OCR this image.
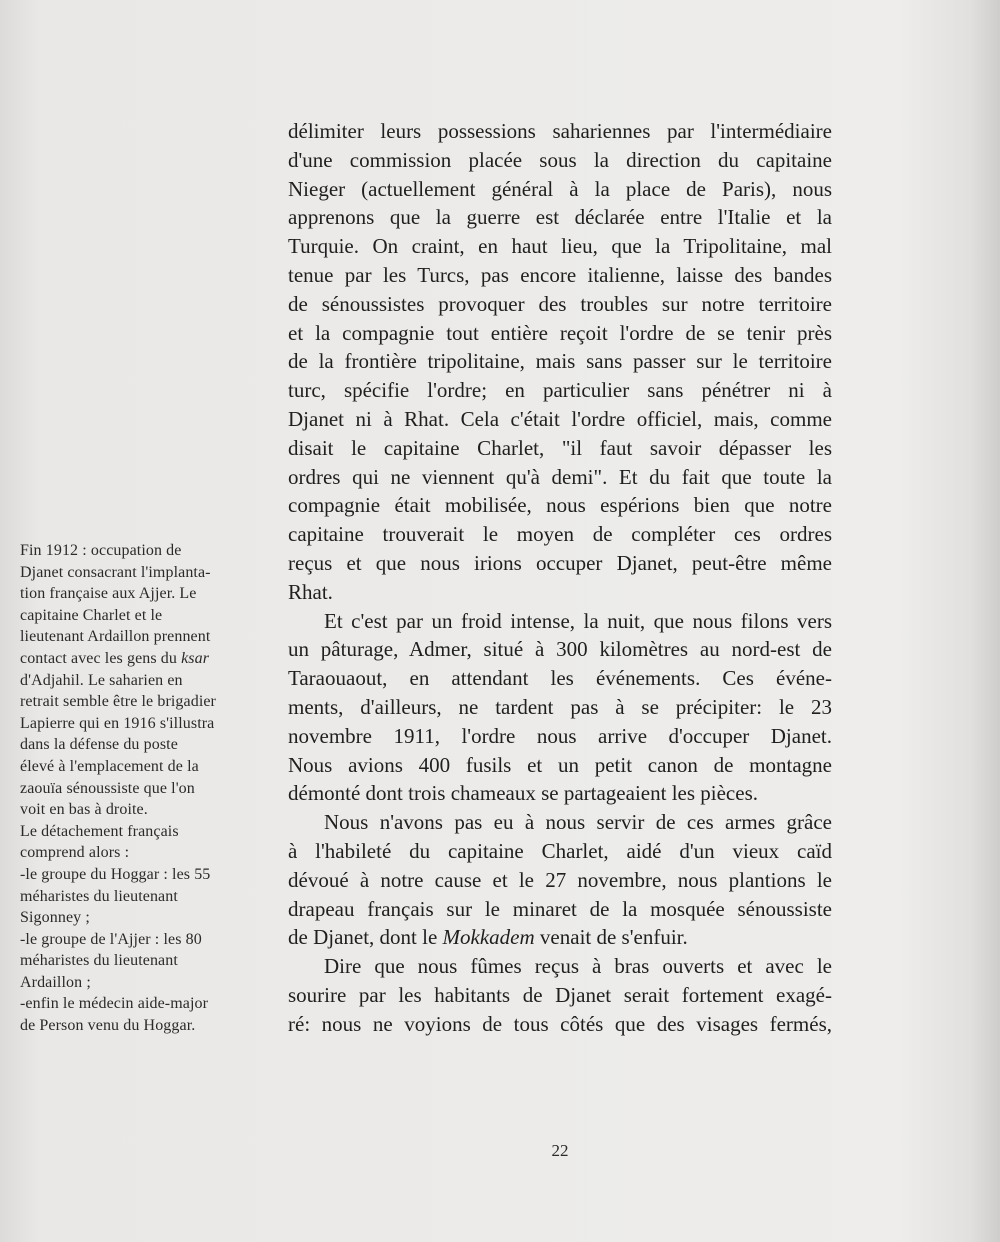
Fin 1912 : occupation de
Djanet consacrant l'implanta-
tion française aux Ajjer. Le
capitaine Charlet et le
lieutenant Ardaillon prennent
contact avec les gens du ksar
d'Adjahil. Le saharien en
retrait semble être le brigadier
Lapierre qui en 1916 s'illustra
dans la défense du poste
élevé à l'emplacement de la
zaouïa sénoussiste que l'on
voit en bas à droite.
Le détachement français
comprend alors :
-le groupe du Hoggar : les 55
méharistes du lieutenant
Sigonney ;
-le groupe de l'Ajjer : les 80
méharistes du lieutenant
Ardaillon ;
-enfin le médecin aide-major
de Person venu du Hoggar.
délimiter leurs possessions sahariennes par l'intermédiaire
d'une commission placée sous la direction du capitaine
Nieger (actuellement général à la place de Paris), nous
apprenons que la guerre est déclarée entre l'Italie et la
Turquie. On craint, en haut lieu, que la Tripolitaine, mal
tenue par les Turcs, pas encore italienne, laisse des bandes
de sénoussistes provoquer des troubles sur notre territoire
et la compagnie tout entière reçoit l'ordre de se tenir près
de la frontière tripolitaine, mais sans passer sur le territoire
turc, spécifie l'ordre; en particulier sans pénétrer ni à
Djanet ni à Rhat. Cela c'était l'ordre officiel, mais, comme
disait le capitaine Charlet, "il faut savoir dépasser les
ordres qui ne viennent qu'à demi". Et du fait que toute la
compagnie était mobilisée, nous espérions bien que notre
capitaine trouverait le moyen de compléter ces ordres
reçus et que nous irions occuper Djanet, peut-être même
Rhat.
Et c'est par un froid intense, la nuit, que nous filons vers
un pâturage, Admer, situé à 300 kilomètres au nord-est de
Taraouaout, en attendant les événements. Ces événe-
ments, d'ailleurs, ne tardent pas à se précipiter: le 23
novembre 1911, l'ordre nous arrive d'occuper Djanet.
Nous avions 400 fusils et un petit canon de montagne
démonté dont trois chameaux se partageaient les pièces.
Nous n'avons pas eu à nous servir de ces armes grâce
à l'habileté du capitaine Charlet, aidé d'un vieux caïd
dévoué à notre cause et le 27 novembre, nous plantions le
drapeau français sur le minaret de la mosquée sénoussiste
de Djanet, dont le Mokkadem venait de s'enfuir.
Dire que nous fûmes reçus à bras ouverts et avec le
sourire par les habitants de Djanet serait fortement exagé-
ré: nous ne voyions de tous côtés que des visages fermés,
22
